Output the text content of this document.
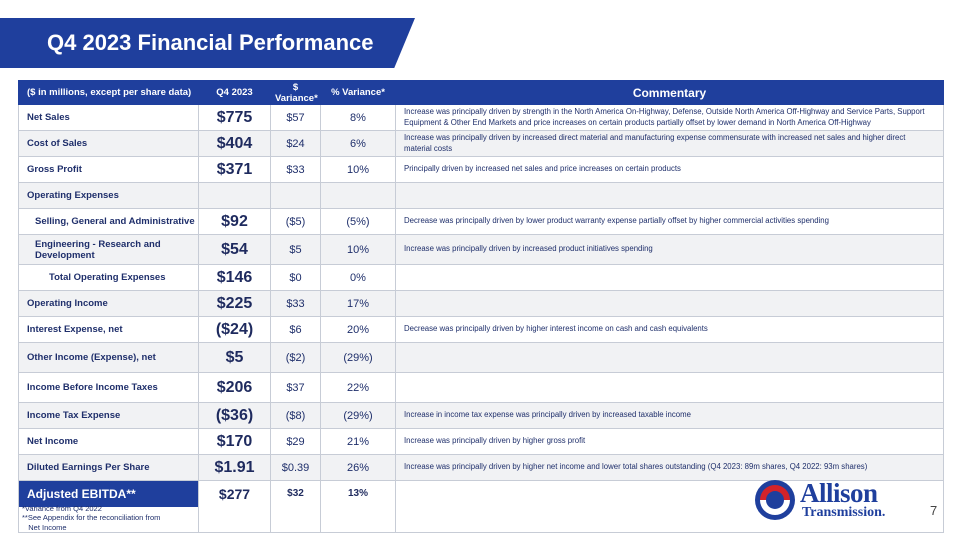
Q4 2023 Financial Performance
($ in millions, except per share data)	Q4 2023	$ Variance*	% Variance*	Commentary
Net Sales	$775	$57	8%	Increase was principally driven by strength in the North America On-Highway, Defense, Outside North America Off-Highway and Service Parts, Support Equipment & Other End Markets and price increases on certain products partially offset by lower demand in North America Off-Highway
Cost of Sales	$404	$24	6%	Increase was principally driven by increased direct material and manufacturing expense commensurate with increased net sales and higher direct material costs
Gross Profit	$371	$33	10%	Principally driven by increased net sales and price increases on certain products
Operating Expenses				
Selling, General and Administrative	$92	($5)	(5%)	Decrease was principally driven by lower product warranty expense partially offset by higher commercial activities spending
Engineering - Research and Development	$54	$5	10%	Increase was principally driven by increased product initiatives spending
Total Operating Expenses	$146	$0	0%	
Operating Income	$225	$33	17%	
Interest Expense, net	($24)	$6	20%	Decrease was principally driven by higher interest income on cash and cash equivalents
Other Income (Expense), net	$5	($2)	(29%)	
Income Before Income Taxes	$206	$37	22%	
Income Tax Expense	($36)	($8)	(29%)	Increase in income tax expense was principally driven by increased taxable income
Net Income	$170	$29	21%	Increase was principally driven by higher gross profit
Diluted Earnings Per Share	$1.91	$0.39	26%	Increase was principally driven by higher net income and lower total shares outstanding (Q4 2023: 89m shares, Q4 2022: 93m shares)
Adjusted EBITDA**	$277	$32	13%	

*Variance from Q4 2022
**See Appendix for the reconciliation from
Net Income
Allison
Transmission.	7
